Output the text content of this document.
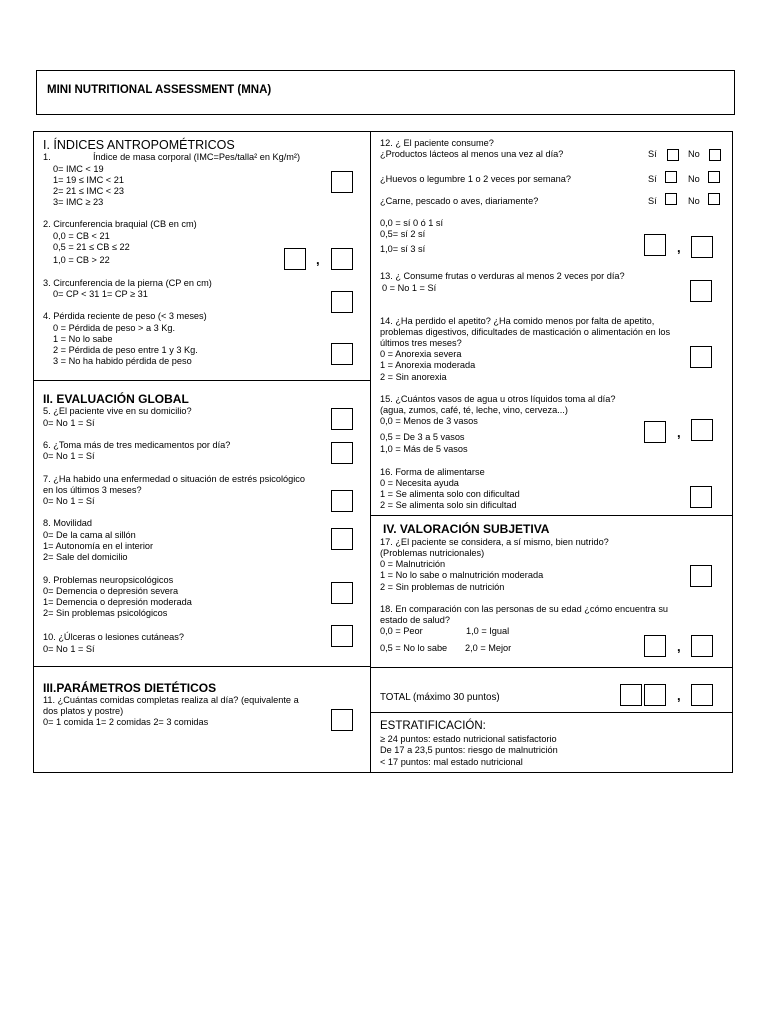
MINI NUTRITIONAL ASSESSMENT (MNA)
I. ÍNDICES ANTROPOMÉTRICOS
1.	Índice de masa corporal (IMC=Pes/talla² en Kg/m²)
0= IMC < 19
1= 19 ≤ IMC < 21
2= 21 ≤ IMC < 23
3= IMC ≥ 23
2. Circunferencia braquial (CB en cm)
0,0 = CB < 21
0,5 = 21 ≤ CB ≤ 22
1,0 = CB > 22	,
3. Circunferencia de la pierna (CP en cm)
0= CP < 31 1= CP ≥ 31
4. Pérdida reciente de peso (< 3 meses)
0 = Pérdida de peso > a 3 Kg.
1 = No lo sabe
2 = Pérdida de peso entre 1 y 3 Kg.
3 = No ha habido pérdida de peso
II. EVALUACIÓN GLOBAL
5. ¿El paciente vive en su domicilio?
0= No 1 = Sí
6. ¿Toma más de tres medicamentos por día?
0= No 1 = Sí
7. ¿Ha habido una enfermedad o situación de estrés psicológico
en los últimos 3 meses?
0= No 1 = Sí
8. Movilidad
0= De la cama al sillón
1= Autonomía en el interior
2= Sale del domicilio
9. Problemas neuropsicológicos
0= Demencia o depresión severa
1= Demencia o depresión moderada
2= Sin problemas psicológicos
10. ¿Úlceras o lesiones cutáneas?
0= No 1 = Sí
III.PARÁMETROS DIETÉTICOS
11. ¿Cuántas comidas completas realiza al día? (equivalente a
dos platos y postre)
0= 1 comida 1= 2 comidas 2= 3 comidas
12. ¿ El paciente consume?
¿Productos lácteos al menos una vez al día?	Sí	No
¿Huevos o legumbre 1 o 2 veces por semana?	Sí	No
¿Carne, pescado o aves, diariamente?	Sí	No
0,0 = sí 0 ó 1 sí
0,5= sí 2 sí
1,0= sí 3 sí	,
13. ¿ Consume frutas o verduras al menos 2 veces por día?
0 = No 1 = Sí
14. ¿Ha perdido el apetito? ¿Ha comido menos por falta de apetito,
problemas digestivos, dificultades de masticación o alimentación en los
últimos tres meses?
0 = Anorexia severa
1 = Anorexia moderada
2 = Sin anorexia
15. ¿Cuántos vasos de agua u otros líquidos toma al día?
(agua, zumos, café, té, leche, vino, cerveza...)
0,0 = Menos de 3 vasos
0,5 = De 3 a 5 vasos
1,0 = Más de 5 vasos
,
16. Forma de alimentarse
0 = Necesita ayuda
1 = Se alimenta solo con dificultad
2 = Se alimenta solo sin dificultad
IV. VALORACIÓN SUBJETIVA
17. ¿El paciente se considera, a sí mismo, bien nutrido?
(Problemas nutricionales)
0 = Malnutrición
1 = No lo sabe o malnutrición moderada
2 = Sin problemas de nutrición
18. En comparación con las personas de su edad ¿cómo encuentra su
estado de salud?
0,0 = Peor	1,0 = Igual
0,5 = No lo sabe 2,0 = Mejor	,
TOTAL (máximo 30 puntos)	,
ESTRATIFICACIÓN:
≥ 24 puntos: estado nutricional satisfactorio
De 17 a 23,5 puntos: riesgo de malnutrición
< 17 puntos: mal estado nutricional
